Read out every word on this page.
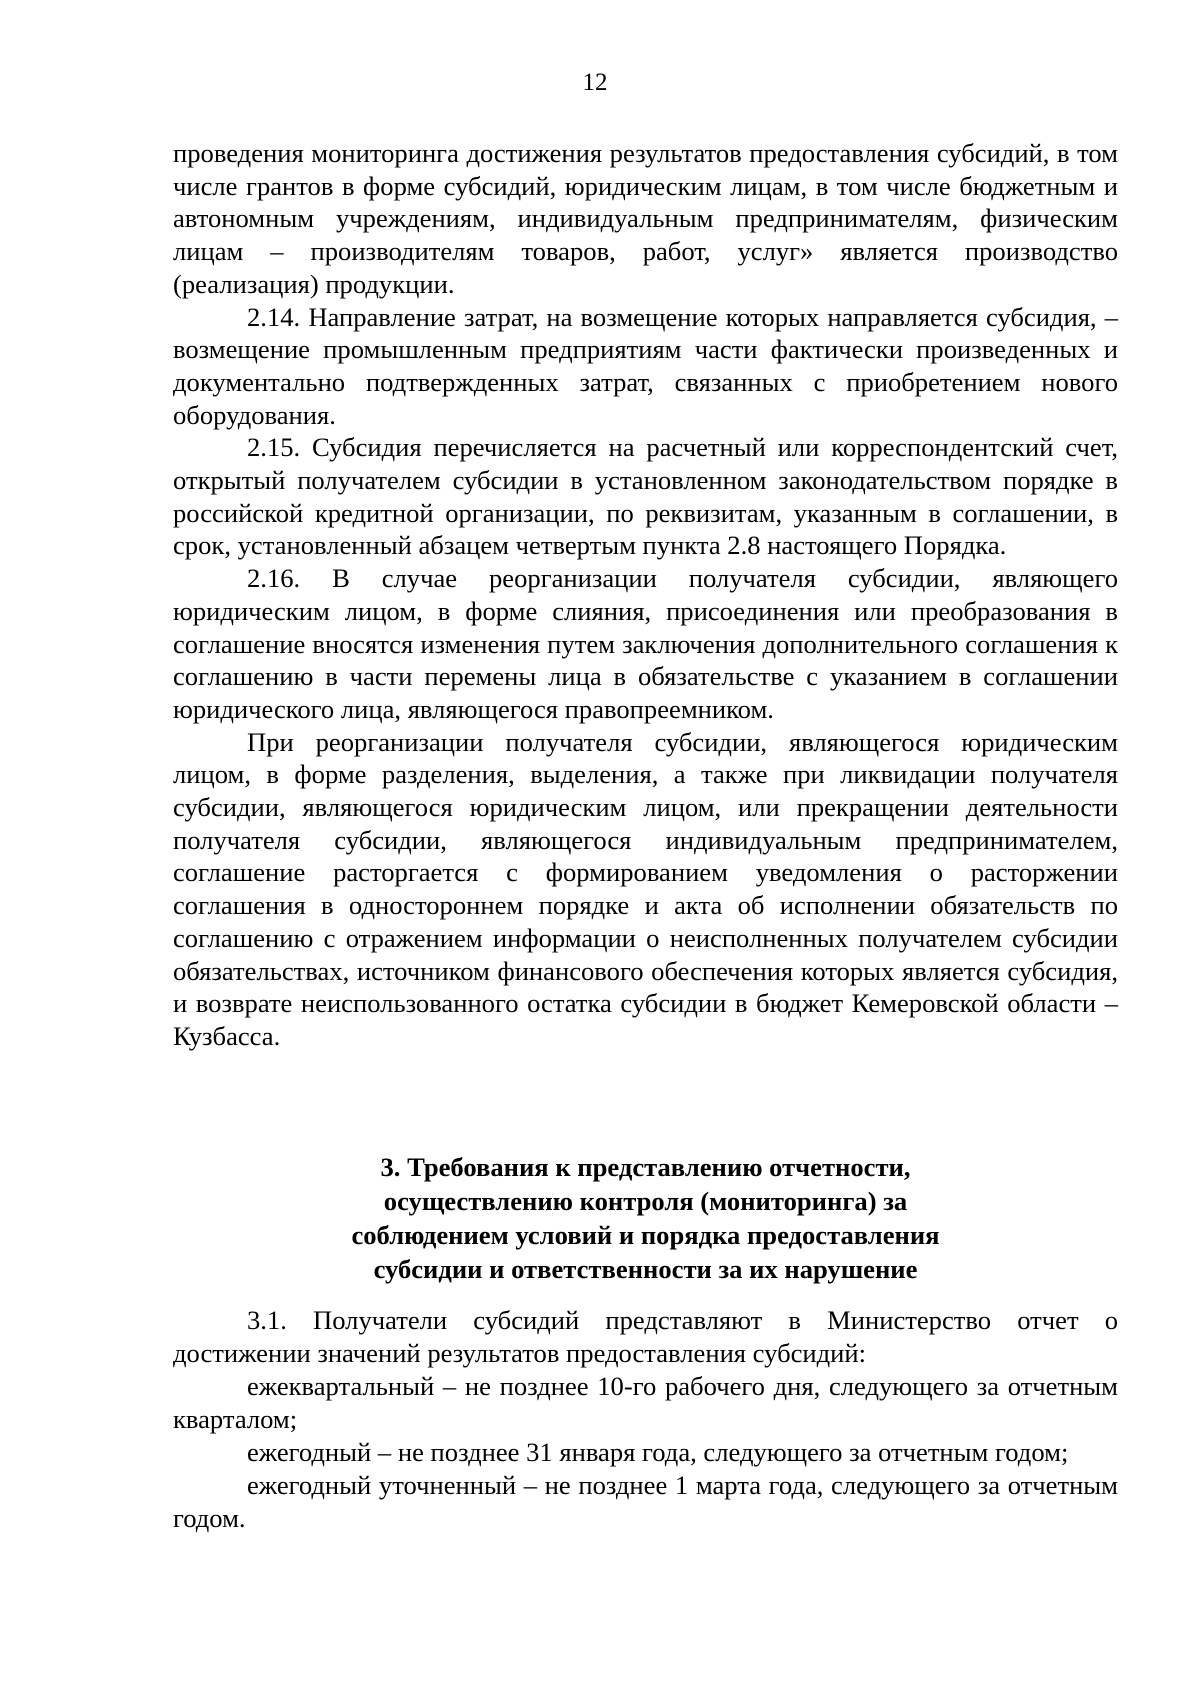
12

проведения мониторинга достижения результатов предоставления субсидий, в том числе грантов в форме субсидий, юридическим лицам, в том числе бюджетным и автономным учреждениям, индивидуальным предпринимателям, физическим лицам – производителям товаров, работ, услуг» является производство (реализация) продукции.

2.14. Направление затрат, на возмещение которых направляется субсидия, – возмещение промышленным предприятиям части фактически произведенных и документально подтвержденных затрат, связанных с приобретением нового оборудования.

2.15. Субсидия перечисляется на расчетный или корреспондентский счет, открытый получателем субсидии в установленном законодательством порядке в российской кредитной организации, по реквизитам, указанным в соглашении, в срок, установленный абзацем четвертым пункта 2.8 настоящего Порядка.

2.16. В случае реорганизации получателя субсидии, являющего юридическим лицом, в форме слияния, присоединения или преобразования в соглашение вносятся изменения путем заключения дополнительного соглашения к соглашению в части перемены лица в обязательстве с указанием в соглашении юридического лица, являющегося правопреемником.

При реорганизации получателя субсидии, являющегося юридическим лицом, в форме разделения, выделения, а также при ликвидации получателя субсидии, являющегося юридическим лицом, или прекращении деятельности получателя субсидии, являющегося индивидуальным предпринимателем, соглашение расторгается с формированием уведомления о расторжении соглашения в одностороннем порядке и акта об исполнении обязательств по соглашению с отражением информации о неисполненных получателем субсидии обязательствах, источником финансового обеспечения которых является субсидия, и возврате неиспользованного остатка субсидии в бюджет Кемеровской области – Кузбасса.

3. Требования к представлению отчетности,
осуществлению контроля (мониторинга) за
соблюдением условий и порядка предоставления
субсидии и ответственности за их нарушение

3.1. Получатели субсидий представляют в Министерство отчет о достижении значений результатов предоставления субсидий:

ежеквартальный – не позднее 10-го рабочего дня, следующего за отчетным кварталом;

ежегодный – не позднее 31 января года, следующего за отчетным годом;

ежегодный уточненный – не позднее 1 марта года, следующего за отчетным годом.
